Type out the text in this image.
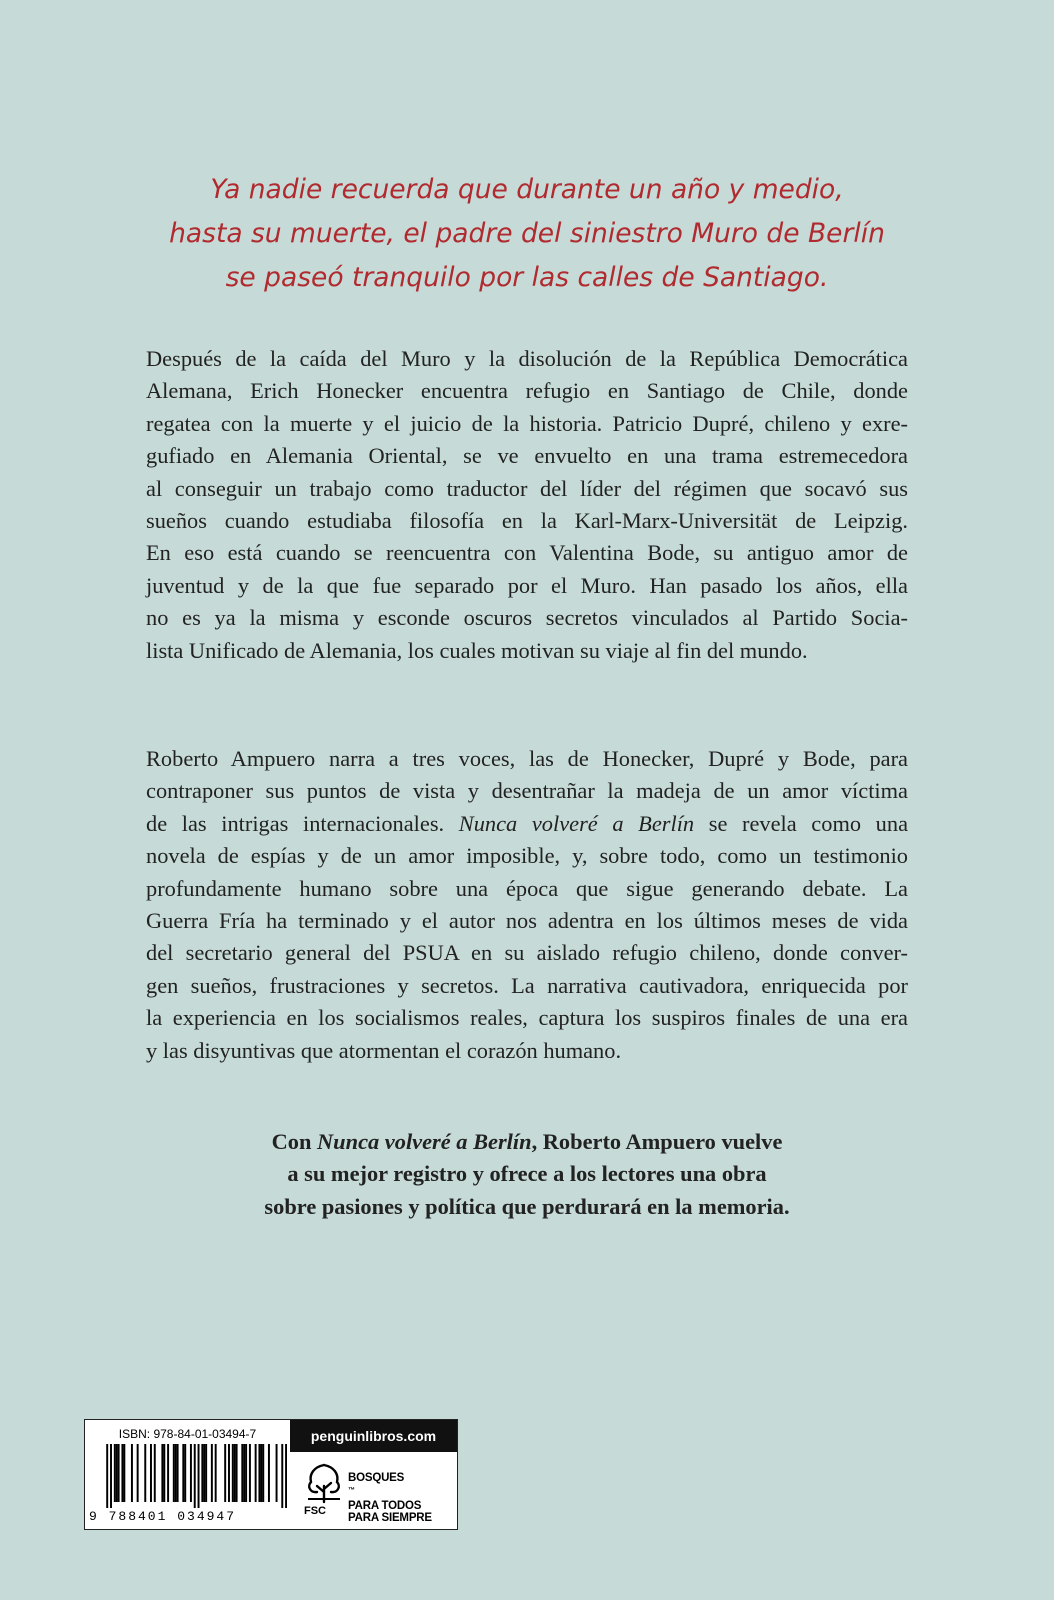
Ya nadie recuerda que durante un año y medio,
hasta su muerte, el padre del siniestro Muro de Berlín
se paseó tranquilo por las calles de Santiago.
Después de la caída del Muro y la disolución de la República Democrática
Alemana, Erich Honecker encuentra refugio en Santiago de Chile, donde
regatea con la muerte y el juicio de la historia. Patricio Dupré, chileno y exre-
gufiado en Alemania Oriental, se ve envuelto en una trama estremecedora
al conseguir un trabajo como traductor del líder del régimen que socavó sus
sueños cuando estudiaba filosofía en la Karl-Marx-Universität de Leipzig.
En eso está cuando se reencuentra con Valentina Bode, su antiguo amor de
juventud y de la que fue separado por el Muro. Han pasado los años, ella
no es ya la misma y esconde oscuros secretos vinculados al Partido Socia-
lista Unificado de Alemania, los cuales motivan su viaje al fin del mundo.
Roberto Ampuero narra a tres voces, las de Honecker, Dupré y Bode, para
contraponer sus puntos de vista y desentrañar la madeja de un amor víctima
de las intrigas internacionales. Nunca volveré a Berlín se revela como una
novela de espías y de un amor imposible, y, sobre todo, como un testimonio
profundamente humano sobre una época que sigue generando debate. La
Guerra Fría ha terminado y el autor nos adentra en los últimos meses de vida
del secretario general del PSUA en su aislado refugio chileno, donde conver-
gen sueños, frustraciones y secretos. La narrativa cautivadora, enriquecida por
la experiencia en los socialismos reales, captura los suspiros finales de una era
y las disyuntivas que atormentan el corazón humano.
Con Nunca volveré a Berlín, Roberto Ampuero vuelve
a su mejor registro y ofrece a los lectores una obra
sobre pasiones y política que perdurará en la memoria.
ISBN: 978-84-01-03494-7
9 788401 034947
penguinlibros.com
FSC
BOSQUES
™
PARA TODOS
PARA SIEMPRE
